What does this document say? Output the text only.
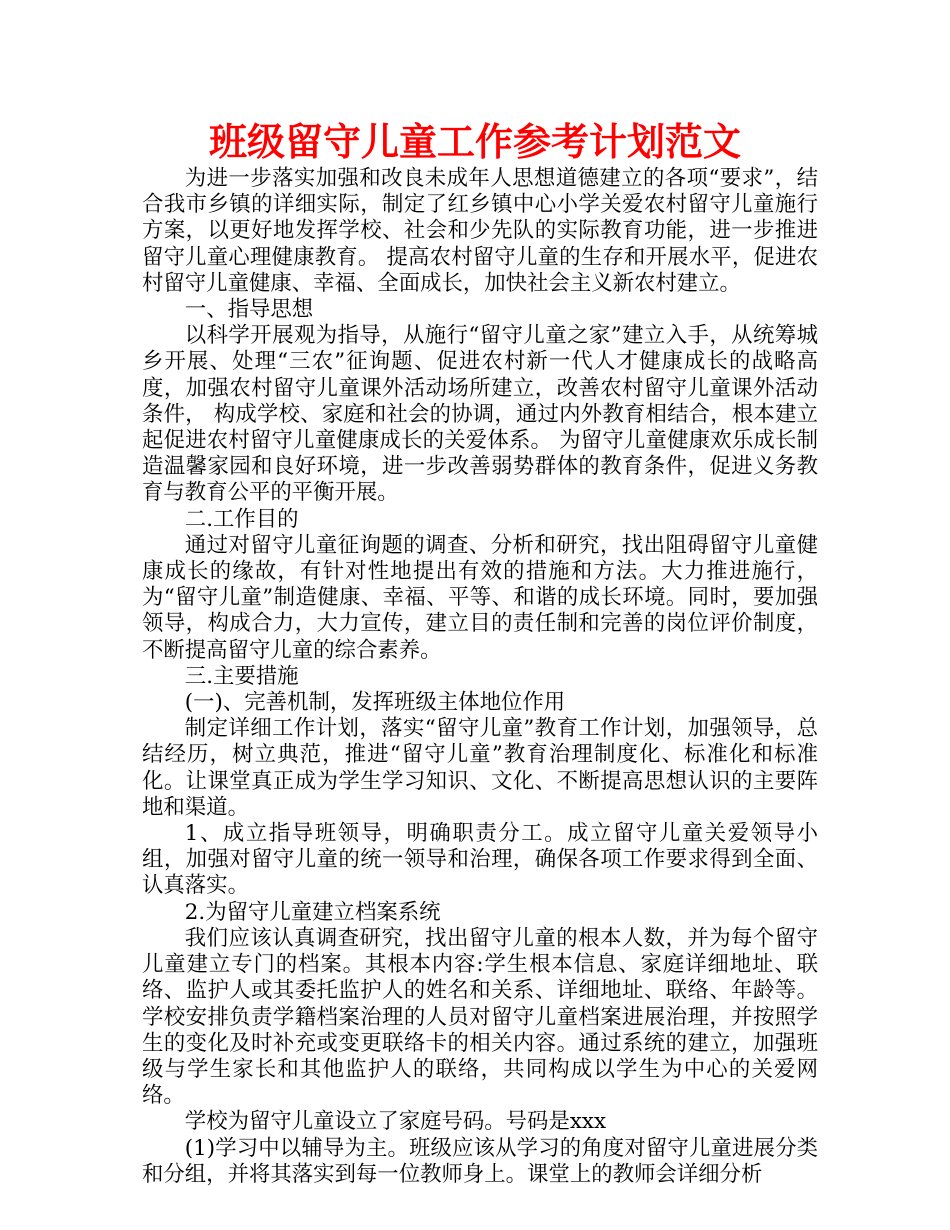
班级留守儿童工作参考计划范文

为进一步落实加强和改良未成年人思想道德建立的各项“要求”，结合我市乡镇的详细实际，制定了红乡镇中心小学关爱农村留守儿童施行方案，以更好地发挥学校、社会和少先队的实际教育功能，进一步推进留守儿童心理健康教育。 提高农村留守儿童的生存和开展水平，促进农村留守儿童健康、幸福、全面成长，加快社会主义新农村建立。

一、指导思想

以科学开展观为指导，从施行“留守儿童之家”建立入手，从统筹城乡开展、处理“三农”征询题、促进农村新一代人才健康成长的战略高度，加强农村留守儿童课外活动场所建立，改善农村留守儿童课外活动条件， 构成学校、家庭和社会的协调，通过内外教育相结合，根本建立起促进农村留守儿童健康成长的关爱体系。 为留守儿童健康欢乐成长制造温馨家园和良好环境，进一步改善弱势群体的教育条件，促进义务教育与教育公平的平衡开展。

二.工作目的

通过对留守儿童征询题的调查、分析和研究，找出阻碍留守儿童健康成长的缘故，有针对性地提出有效的措施和方法。大力推进施行，为“留守儿童”制造健康、幸福、平等、和谐的成长环境。同时，要加强领导，构成合力，大力宣传，建立目的责任制和完善的岗位评价制度，不断提高留守儿童的综合素养。

三.主要措施

(一)、完善机制，发挥班级主体地位作用

制定详细工作计划，落实“留守儿童”教育工作计划，加强领导，总结经历，树立典范，推进“留守儿童”教育治理制度化、标准化和标准化。让课堂真正成为学生学习知识、文化、不断提高思想认识的主要阵地和渠道。

1、成立指导班领导，明确职责分工。成立留守儿童关爱领导小组，加强对留守儿童的统一领导和治理，确保各项工作要求得到全面、认真落实。

2.为留守儿童建立档案系统

我们应该认真调查研究，找出留守儿童的根本人数，并为每个留守儿童建立专门的档案。其根本内容:学生根本信息、家庭详细地址、联络、监护人或其委托监护人的姓名和关系、详细地址、联络、年龄等。学校安排负责学籍档案治理的人员对留守儿童档案进展治理，并按照学生的变化及时补充或变更联络卡的相关内容。通过系统的建立，加强班级与学生家长和其他监护人的联络，共同构成以学生为中心的关爱网络。

学校为留守儿童设立了家庭号码。号码是xxx

(1)学习中以辅导为主。班级应该从学习的角度对留守儿童进展分类和分组，并将其落实到每一位教师身上。课堂上的教师会详细分析
